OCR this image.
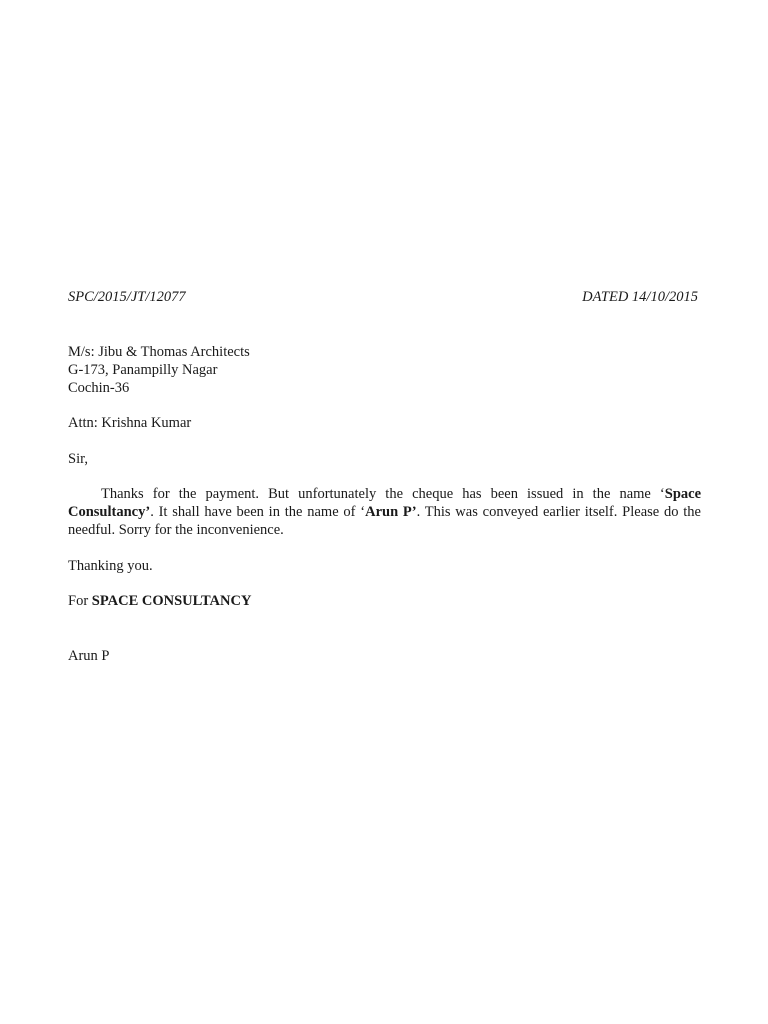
SPC/2015/JT/12077	DATED 14/10/2015
M/s: Jibu & Thomas Architects
G-173, Panampilly Nagar
Cochin-36
Attn: Krishna Kumar
Sir,
Thanks for the payment. But unfortunately the cheque has been issued in the name ‘Space Consultancy’. It shall have been in the name of ‘Arun P’. This was conveyed earlier itself. Please do the needful. Sorry for the inconvenience.
Thanking you.
For SPACE CONSULTANCY
Arun P
